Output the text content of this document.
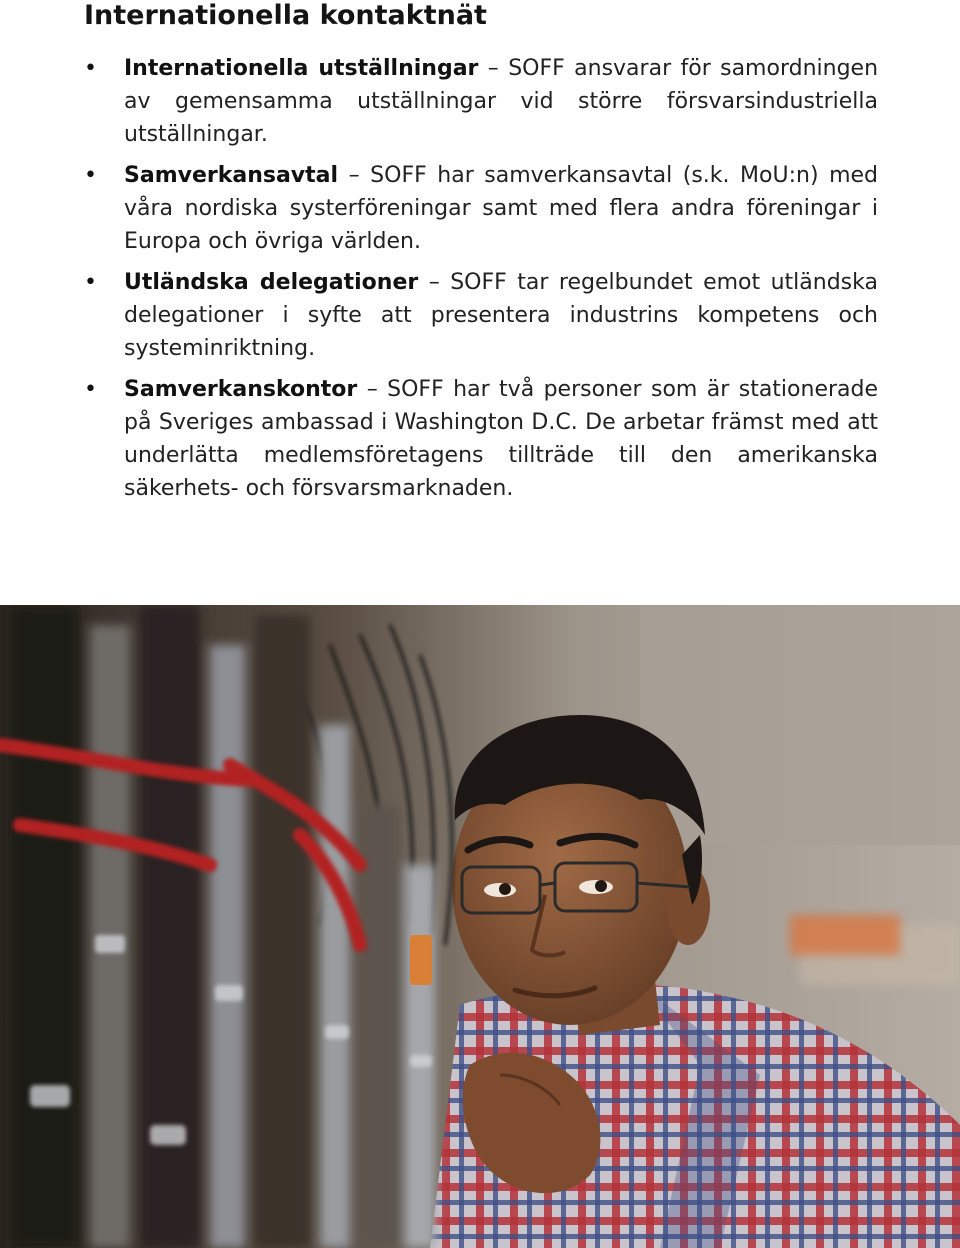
Internationella kontaktnät
• Internationella utställningar – SOFF ansvarar för samordningen av gemensamma utställningar vid större försvarsindustriella utställningar.
• Samverkansavtal – SOFF har samverkansavtal (s.k. MoU:n) med våra nordiska systerföreningar samt med flera andra föreningar i Europa och övriga världen.
• Utländska delegationer – SOFF tar regelbundet emot utländska delegationer i syfte att presentera industrins kompetens och systeminriktning.
• Samverkanskontor – SOFF har två personer som är stationerade på Sveriges ambassad i Washington D.C. De arbetar främst med att underlätta medlemsföretagens tillträde till den amerikanska säkerhets- och försvarsmarknaden.
